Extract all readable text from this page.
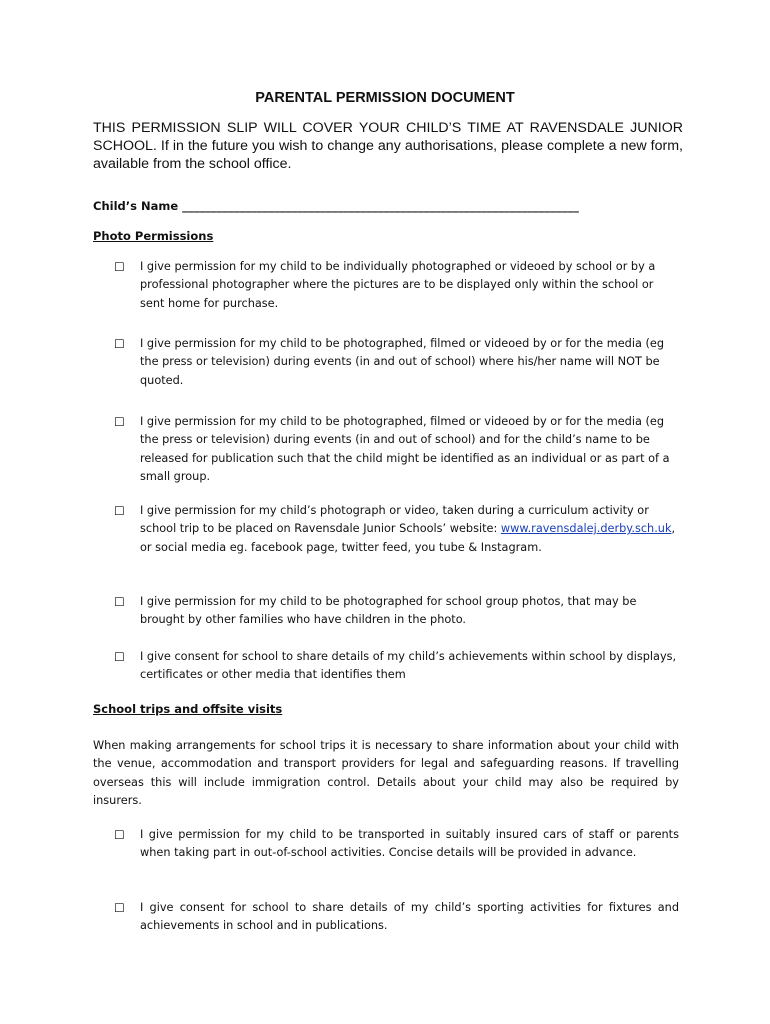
PARENTAL PERMISSION DOCUMENT
THIS PERMISSION SLIP WILL COVER YOUR CHILD’S TIME AT RAVENSDALE JUNIOR SCHOOL. If in the future you wish to change any authorisations, please complete a new form, available from the school office.
Child’s Name _____________________________________________________________________
Photo Permissions
☐ I give permission for my child to be individually photographed or videoed by school or by a professional photographer where the pictures are to be displayed only within the school or sent home for purchase.
☐ I give permission for my child to be photographed, filmed or videoed by or for the media (eg the press or television) during events (in and out of school) where his/her name will NOT be quoted.
☐ I give permission for my child to be photographed, filmed or videoed by or for the media (eg the press or television) during events (in and out of school) and for the child’s name to be released for publication such that the child might be identified as an individual or as part of a small group.
☐ I give permission for my child’s photograph or video, taken during a curriculum activity or school trip to be placed on Ravensdale Junior Schools’ website: www.ravensdalej.derby.sch.uk, or social media eg. facebook page, twitter feed, you tube & Instagram.
☐ I give permission for my child to be photographed for school group photos, that may be brought by other families who have children in the photo.
☐ I give consent for school to share details of my child’s achievements within school by displays, certificates or other media that identifies them
School trips and offsite visits
When making arrangements for school trips it is necessary to share information about your child with the venue, accommodation and transport providers for legal and safeguarding reasons. If travelling overseas this will include immigration control. Details about your child may also be required by insurers.
☐ I give permission for my child to be transported in suitably insured cars of staff or parents when taking part in out-of-school activities. Concise details will be provided in advance.
☐ I give consent for school to share details of my child’s sporting activities for fixtures and achievements in school and in publications.
